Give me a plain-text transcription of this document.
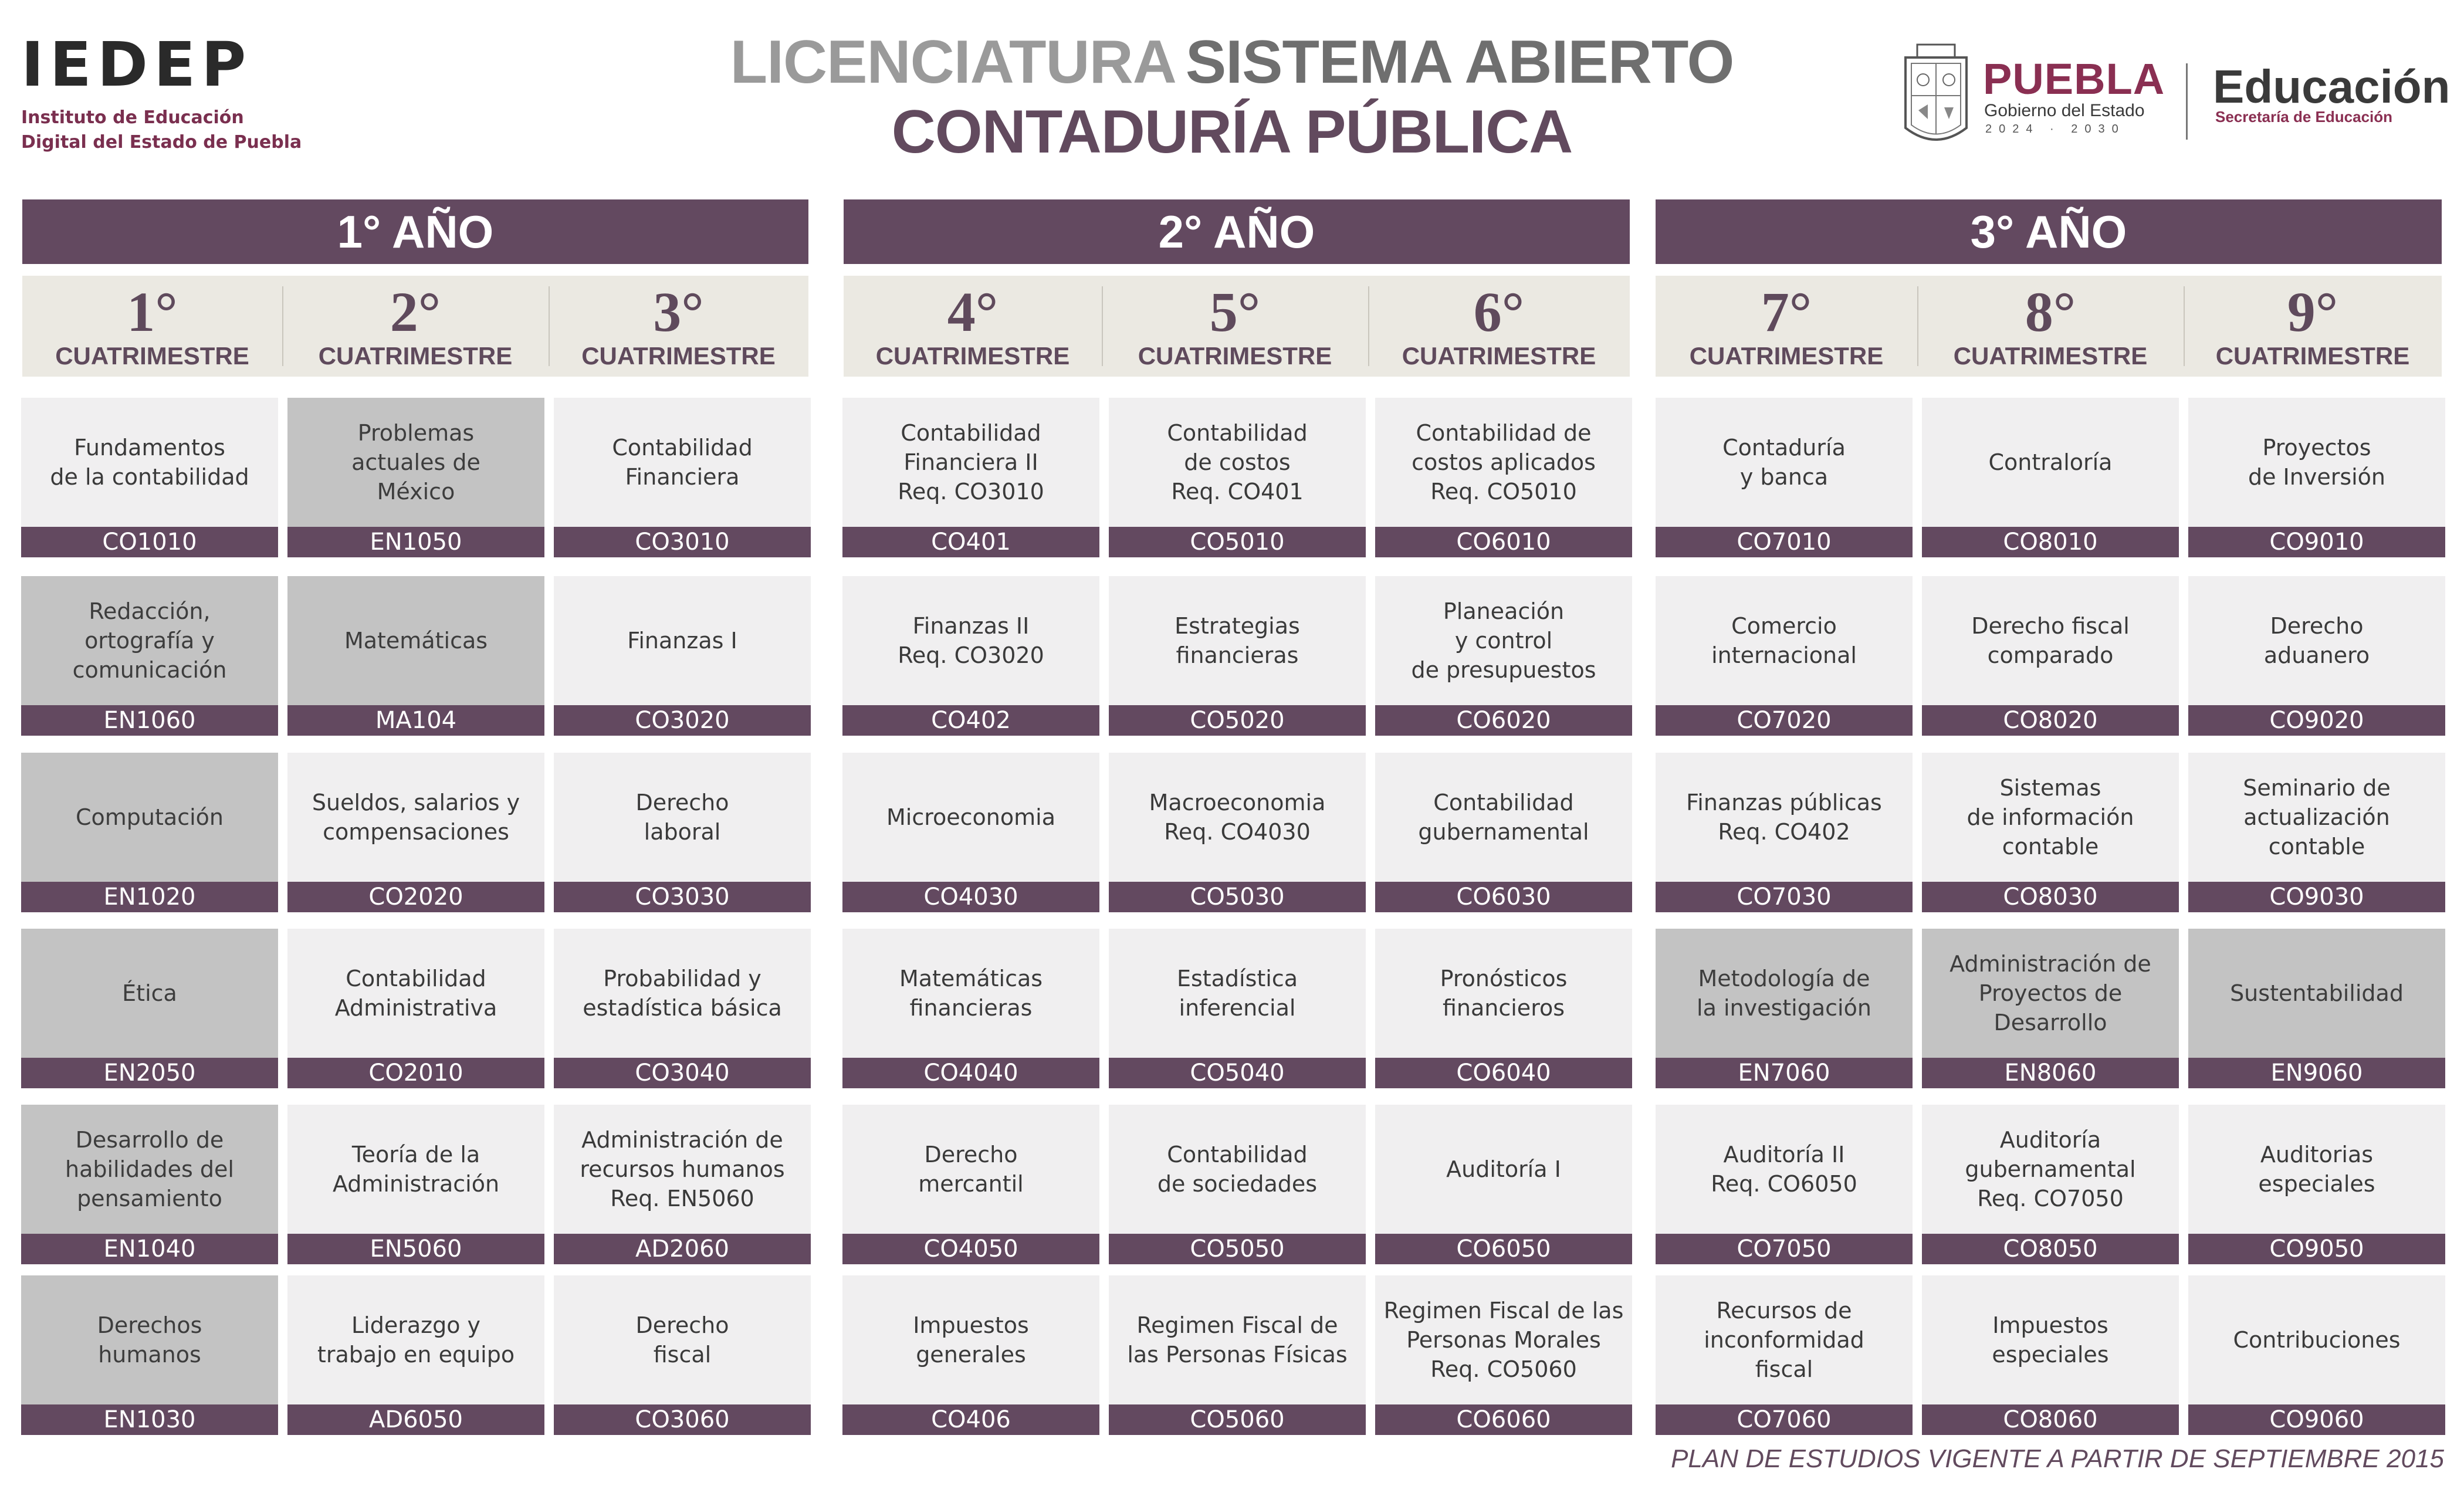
IEDEP
Instituto de Educación
Digital del Estado de Puebla
LICENCIATURA SISTEMA ABIERTO
CONTADURÍA PÚBLICA
PUEBLA
Gobierno del Estado
2024 · 2030
Educación
Secretaría de Educación
1° AÑO	2° AÑO	3° AÑO
1°
CUATRIMESTRE
2°
CUATRIMESTRE
3°
CUATRIMESTRE
4°
CUATRIMESTRE
5°
CUATRIMESTRE
6°
CUATRIMESTRE
7°
CUATRIMESTRE
8°
CUATRIMESTRE
9°
CUATRIMESTRE
Fundamentos
de la contabilidad
CO1010
Redacción,
ortografía y
comunicación
EN1060
Computación
EN1020
Ética
EN2050
Desarrollo de
habilidades del
pensamiento
EN1040
Derechos
humanos
EN1030
Problemas
actuales de
México
EN1050
Matemáticas
MA104
Sueldos, salarios y
compensaciones
CO2020
Contabilidad
Administrativa
CO2010
Teoría de la
Administración
EN5060
Liderazgo y
trabajo en equipo
AD6050
Contabilidad
Financiera
CO3010
Finanzas I
CO3020
Derecho
laboral
CO3030
Probabilidad y
estadística básica
CO3040
Administración de
recursos humanos
Req. EN5060
AD2060
Derecho
fiscal
CO3060
Contabilidad
Financiera II
Req. CO3010
CO401
Finanzas II
Req. CO3020
CO402
Microeconomia
CO4030
Matemáticas
financieras
CO4040
Derecho
mercantil
CO4050
Impuestos
generales
CO406
Contabilidad
de costos
Req. CO401
CO5010
Estrategias
financieras
CO5020
Macroeconomia
Req. CO4030
CO5030
Estadística
inferencial
CO5040
Contabilidad
de sociedades
CO5050
Regimen Fiscal de
las Personas Físicas
CO5060
Contabilidad de
costos aplicados
Req. CO5010
CO6010
Planeación
y control
de presupuestos
CO6020
Contabilidad
gubernamental
CO6030
Pronósticos
financieros
CO6040
Auditoría I
CO6050
Regimen Fiscal de las
Personas Morales
Req. CO5060
CO6060
Contaduría
y banca
CO7010
Comercio
internacional
CO7020
Finanzas públicas
Req. CO402
CO7030
Metodología de
la investigación
EN7060
Auditoría II
Req. CO6050
CO7050
Recursos de
inconformidad
fiscal
CO7060
Contraloría
CO8010
Derecho fiscal
comparado
CO8020
Sistemas
de información
contable
CO8030
Administración de
Proyectos de
Desarrollo
EN8060
Auditoría
gubernamental
Req. CO7050
CO8050
Impuestos
especiales
CO8060
Proyectos
de Inversión
CO9010
Derecho
aduanero
CO9020
Seminario de
actualización
contable
CO9030
Sustentabilidad
EN9060
Auditorias
especiales
CO9050
Contribuciones
CO9060
PLAN DE ESTUDIOS VIGENTE A PARTIR DE SEPTIEMBRE 2015
